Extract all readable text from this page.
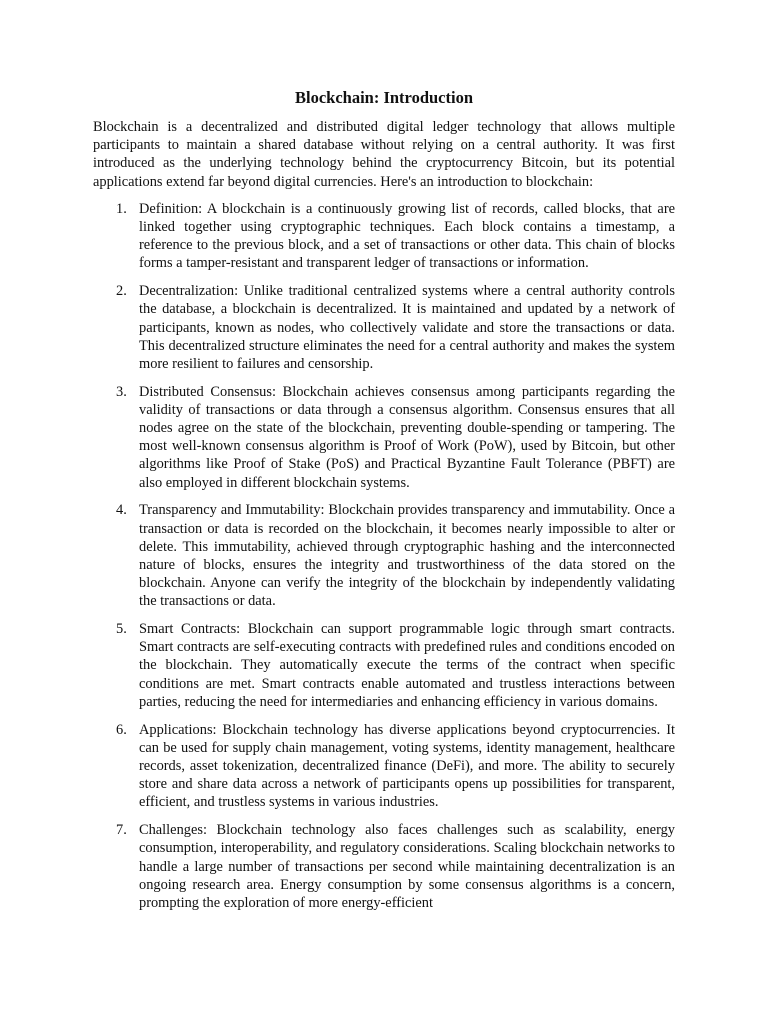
Blockchain: Introduction

Blockchain is a decentralized and distributed digital ledger technology that allows multiple participants to maintain a shared database without relying on a central authority. It was first introduced as the underlying technology behind the cryptocurrency Bitcoin, but its potential applications extend far beyond digital currencies. Here's an introduction to blockchain:

1. Definition: A blockchain is a continuously growing list of records, called blocks, that are linked together using cryptographic techniques. Each block contains a timestamp, a reference to the previous block, and a set of transactions or other data. This chain of blocks forms a tamper-resistant and transparent ledger of transactions or information.
2. Decentralization: Unlike traditional centralized systems where a central authority controls the database, a blockchain is decentralized. It is maintained and updated by a network of participants, known as nodes, who collectively validate and store the transactions or data. This decentralized structure eliminates the need for a central authority and makes the system more resilient to failures and censorship.
3. Distributed Consensus: Blockchain achieves consensus among participants regarding the validity of transactions or data through a consensus algorithm. Consensus ensures that all nodes agree on the state of the blockchain, preventing double-spending or tampering. The most well-known consensus algorithm is Proof of Work (PoW), used by Bitcoin, but other algorithms like Proof of Stake (PoS) and Practical Byzantine Fault Tolerance (PBFT) are also employed in different blockchain systems.
4. Transparency and Immutability: Blockchain provides transparency and immutability. Once a transaction or data is recorded on the blockchain, it becomes nearly impossible to alter or delete. This immutability, achieved through cryptographic hashing and the interconnected nature of blocks, ensures the integrity and trustworthiness of the data stored on the blockchain. Anyone can verify the integrity of the blockchain by independently validating the transactions or data.
5. Smart Contracts: Blockchain can support programmable logic through smart contracts. Smart contracts are self-executing contracts with predefined rules and conditions encoded on the blockchain. They automatically execute the terms of the contract when specific conditions are met. Smart contracts enable automated and trustless interactions between parties, reducing the need for intermediaries and enhancing efficiency in various domains.
6. Applications: Blockchain technology has diverse applications beyond cryptocurrencies. It can be used for supply chain management, voting systems, identity management, healthcare records, asset tokenization, decentralized finance (DeFi), and more. The ability to securely store and share data across a network of participants opens up possibilities for transparent, efficient, and trustless systems in various industries.
7. Challenges: Blockchain technology also faces challenges such as scalability, energy consumption, interoperability, and regulatory considerations. Scaling blockchain networks to handle a large number of transactions per second while maintaining decentralization is an ongoing research area. Energy consumption by some consensus algorithms is a concern, prompting the exploration of more energy-efficient
